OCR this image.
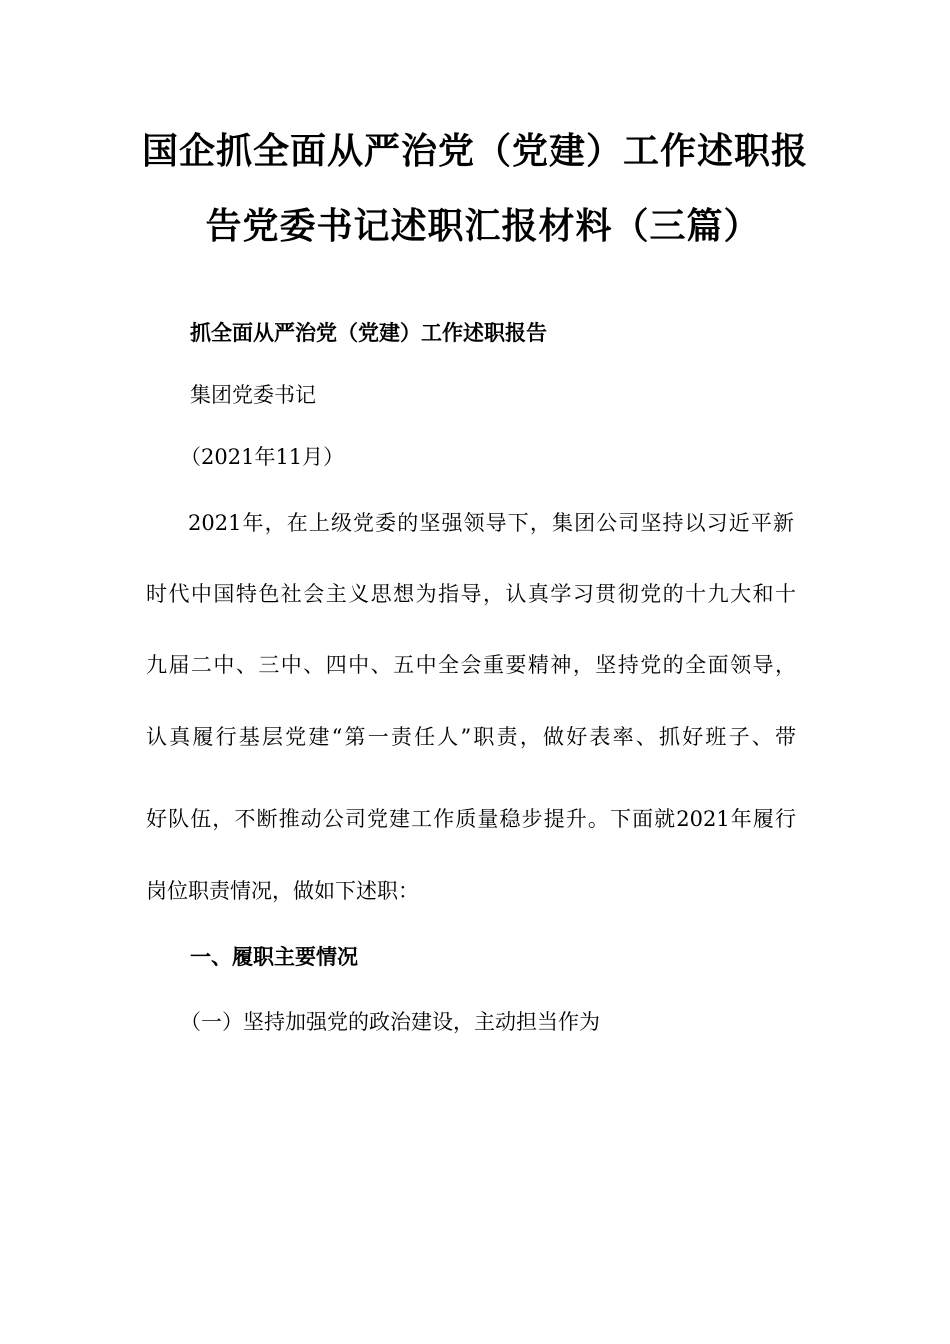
国企抓全面从严治党（党建）工作述职报
告党委书记述职汇报材料（三篇）
抓全面从严治党（党建）工作述职报告
集团党委书记
（2021年11月）
2021年，在上级党委的坚强领导下，集团公司坚持以习近平新
时代中国特色社会主义思想为指导，认真学习贯彻党的十九大和十
九届二中、三中、四中、五中全会重要精神，坚持党的全面领导，
认真履行基层党建“第一责任人”职责，做好表率、抓好班子、带
好队伍，不断推动公司党建工作质量稳步提升。下面就2021年履行
岗位职责情况，做如下述职：
一、履职主要情况
（一）坚持加强党的政治建设，主动担当作为
